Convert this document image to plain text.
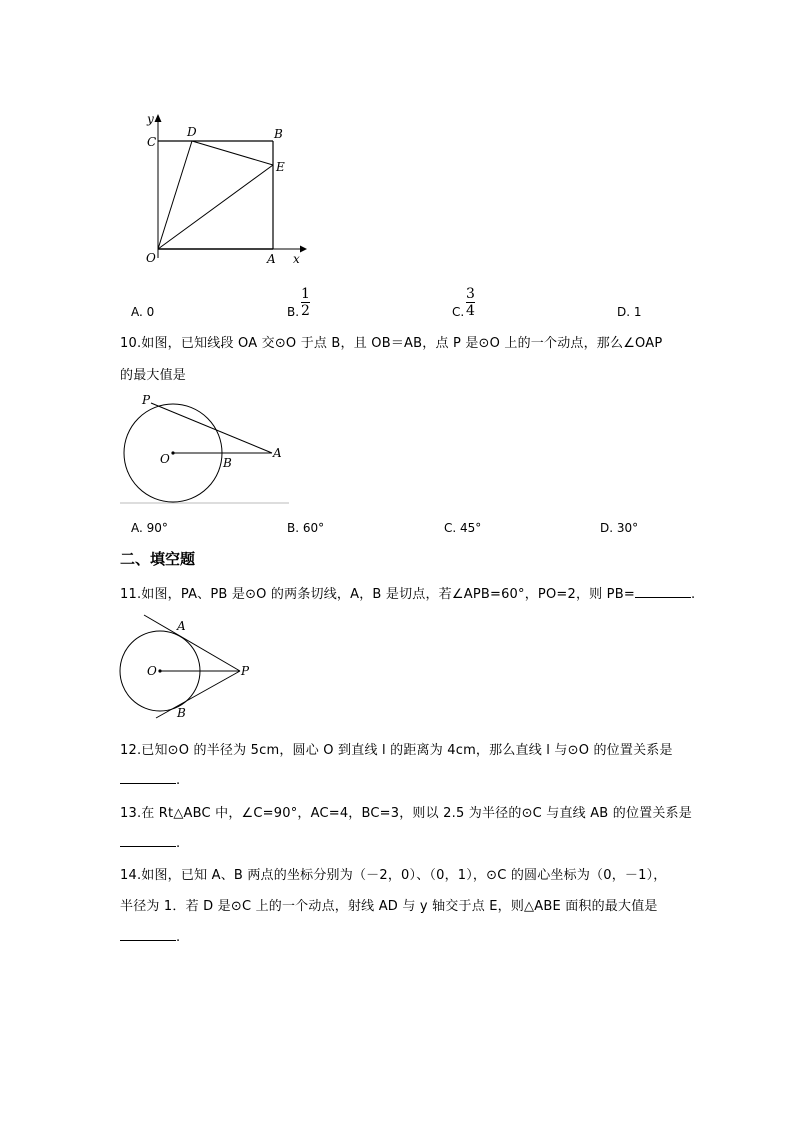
y
C
D	B
E
O	A x
A. 0	B.
1
2	C.
3
4	D. 1
10.如图，已知线段 OA 交⊙O 于点 B，且 OB＝AB，点 P 是⊙O 上的一个动点，那么∠OAP
的最大值是
P
O	B
A
A. 90°	B. 60°	C. 45°	D. 30°
二、填空题
11.如图，PA、PB 是⊙O 的两条切线，A，B 是切点，若∠APB=60°，PO=2，则 PB=	.
A
O	P
B
12.已知⊙O 的半径为 5cm，圆心 O 到直线 l 的距离为 4cm，那么直线 l 与⊙O 的位置关系是
.
13.在 Rt△ABC 中，∠C=90°，AC=4，BC=3，则以 2.5 为半径的⊙C 与直线 AB 的位置关系是
.
14.如图，已知 A、B 两点的坐标分别为（－2，0）、（0，1），⊙C 的圆心坐标为（0，－1），
半径为 1．若 D 是⊙C 上的一个动点，射线 AD 与 y 轴交于点 E，则△ABE 面积的最大值是
.
